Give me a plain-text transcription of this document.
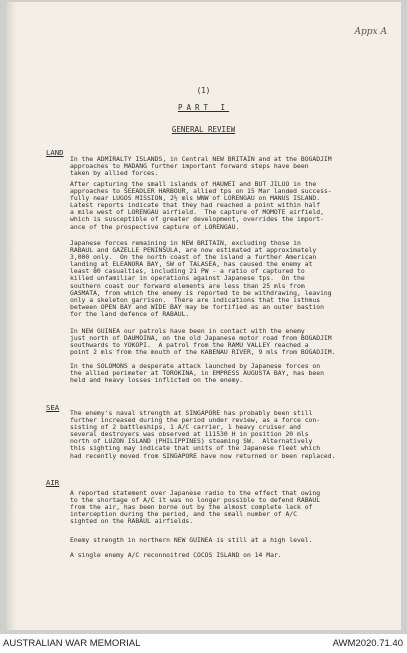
Appx A
(1)
PART I
GENERAL REVIEW
LAND

In the ADMIRALTY ISLANDS, in Central NEW BRITAIN and at the BOGADJIM
approaches to MADANG further important forward steps have been
taken by allied forces.

After capturing the small islands of HAUWEI and BUT JILUO in the
approaches to SEEADLER HARBOUR, allied tps on 15 Mar landed success-
fully near LUGOS MISSION, 2½ mls WNW of LORENGAU on MANUS ISLAND.
Latest reports indicate that they had reached a point within half
a mile west of LORENGAU airfield.  The capture of MOMOTE airfield,
which is susceptible of greater development, overrides the import-
ance of the prospective capture of LORENGAU.

Japanese forces remaining in NEW BRITAIN, excluding those in
RABAUL and GAZELLE PENINSULA, are now estimated at approximately
3,000 only.  On the north coast of the island a further American
landing at ELEANORA BAY, SW of TALASEA, has caused the enemy at
least 80 casualties, including 21 PW - a ratio of captured to
killed unfamiliar in operations against Japanese tps.  On the
southern coast our forward elements are less than 25 mls from
GASMATA, from which the enemy is reported to be withdrawing, leaving
only a skeleton garrison.  There are indications that the isthmus
between OPEN BAY and WIDE BAY may be fortified as an outer bastion
for the land defence of RABAUL.

In NEW GUINEA our patrols have been in contact with the enemy
just north of DAUMOINA, on the old Japanese motor road from BOGADJIM
southwards to YOKOPI.  A patrol from the RAMU VALLEY reached a
point 2 mls from the mouth of the KABENAU RIVER, 9 mls from BOGADJIM.

In the SOLOMONS a desperate attack launched by Japanese forces on
the allied perimeter at TOROKINA, in EMPRESS AUGUSTA BAY, has been
held and heavy losses inflicted on the enemy.

SEA

The enemy's naval strength at SINGAPORE has probably been still
further increased during the period under review, as a force con-
sisting of 2 battleships, 1 A/C carrier, 1 heavy cruiser and
several destroyers was observed at 111530 H in position 20 mls
north of LUZON ISLAND (PHILIPPINES) steaming SW.  Alternatively
this sighting may indicate that units of the Japanese fleet which
had recently moved from SINGAPORE have now returned or been replaced.

AIR

A reported statement over Japanese radio to the effect that owing
to the shortage of A/C it was no longer possible to defend RABAUL
from the air, has been borne out by the almost complete lack of
interception during the period, and the small number of A/C
sighted on the RABAUL airfields.

Enemy strength in northern NEW GUINEA is still at a high level.

A single enemy A/C reconnoitred COCOS ISLAND on 14 Mar.

AUSTRALIAN WAR MEMORIAL	AWM2020.71.40
